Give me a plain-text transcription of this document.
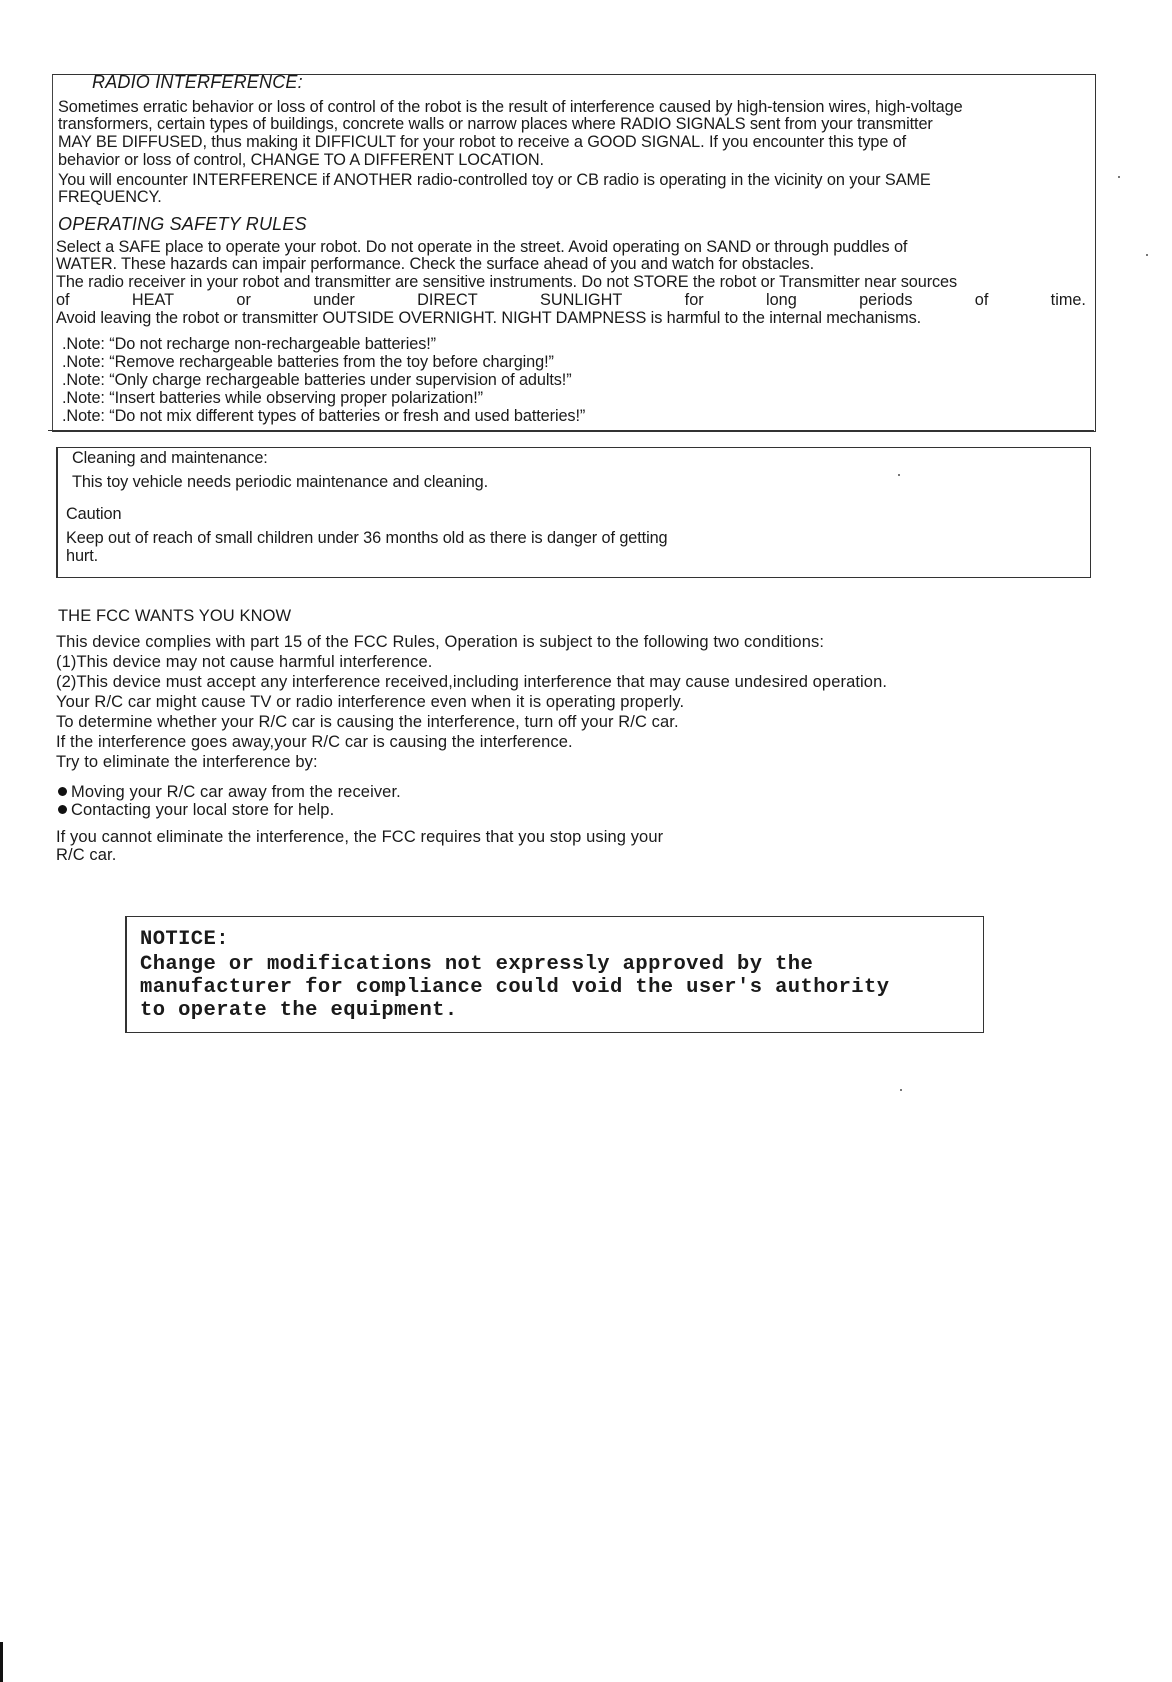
RADIO INTERFERENCE:
Sometimes erratic behavior or loss of control of the robot is the result of interference caused by high-tension wires, high-voltage
transformers, certain types of buildings, concrete walls or narrow places where RADIO SIGNALS sent from your transmitter
MAY BE DIFFUSED, thus making it DIFFICULT for your robot to receive a GOOD SIGNAL. If you encounter this type of
behavior or loss of control, CHANGE TO A DIFFERENT LOCATION.
You will encounter INTERFERENCE if ANOTHER radio-controlled toy or CB radio is operating in the vicinity on your SAME
FREQUENCY.
OPERATING SAFETY RULES
Select a SAFE place to operate your robot. Do not operate in the street. Avoid operating on SAND or through puddles of
WATER. These hazards can impair performance. Check the surface ahead of you and watch for obstacles.
The radio receiver in your robot and transmitter are sensitive instruments. Do not STORE the robot or Transmitter near sources
of	HEAT	or	under	DIRECT	SUNLIGHT	for	long	periods	of	time.
Avoid leaving the robot or transmitter OUTSIDE OVERNIGHT. NIGHT DAMPNESS is harmful to the internal mechanisms.
.Note: “Do not recharge non-rechargeable batteries!”
.Note: “Remove rechargeable batteries from the toy before charging!”
.Note: “Only charge rechargeable batteries under supervision of adults!”
.Note: “Insert batteries while observing proper polarization!”
.Note: “Do not mix different types of batteries or fresh and used batteries!”
Cleaning and maintenance:
This toy vehicle needs periodic maintenance and cleaning.
Caution
Keep out of reach of small children under 36 months old as there is danger of getting
hurt.
THE FCC WANTS YOU KNOW
This device complies with part 15 of the FCC Rules, Operation is subject to the following two conditions:
(1)This device may not cause harmful interference.
(2)This device must accept any interference received,including interference that may cause undesired operation.
Your R/C car might cause TV or radio interference even when it is operating properly.
To determine whether your R/C car is causing the interference, turn off your R/C car.
If the interference goes away,your R/C car is causing the interference.
Try to eliminate the interference by:
Moving your R/C car away from the receiver.
Contacting your local store for help.
If you cannot eliminate the interference, the FCC requires that you stop using your
R/C car.
NOTICE:
Change or modifications not expressly approved by the
manufacturer for compliance could void the user's authority
to operate the equipment.
